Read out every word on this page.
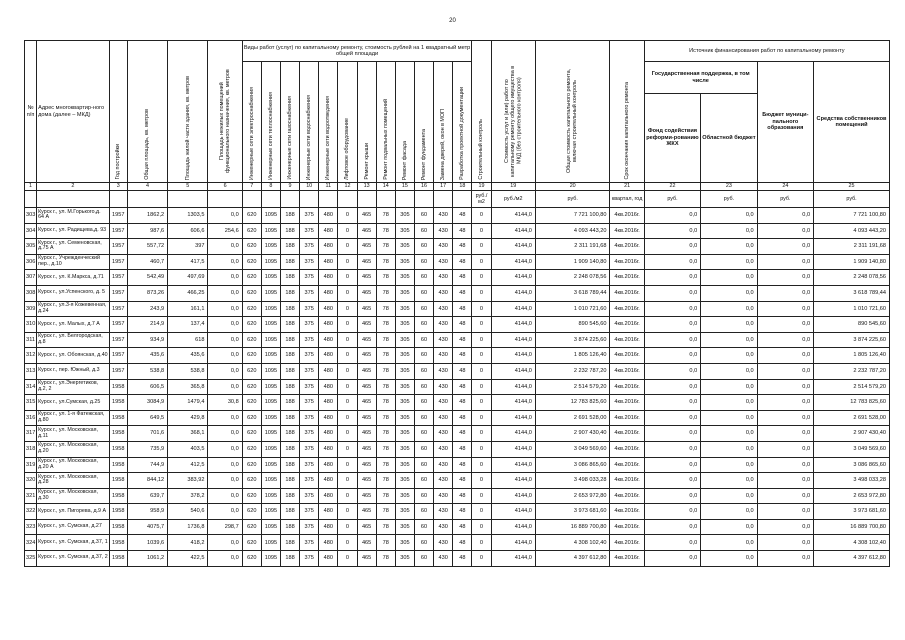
20
№ п/п	Адрес многоквартир-ного дома (далее – МКД)	Год постройки	Общая площадь, кв. метров	Площадь жилой части здания, кв. метров	Площадь нежилых помещений функционального назначения, кв. метров	Виды работ (услуг) по капитальному ремонту, стоимость рублей на 1 квадратный метр общей площади												Строительный контроль	Стоимость услуг и (или) работ по капитальному ремонту общего имущества в МКД (без строительного контроля)	Общая стоимость капитального ремонта, включая строительный контроль	Срок окончания капитального ремонта	Источник финансирования работ по капитальному ремонту			

						Инженерные сети электроснабжения	Инженерные сети теплоснабжения	Инженерные сети газоснабжения	Инженерные сети водоснабжения	Инженерные сети водоотведения	Лифтовое оборудование	Ремонт крыши	Ремонт подвальных помещений	Ремонт фасада	Ремонт фундамента	Замена дверей, окон в МОП	Разработка проектной документации					Государственная поддержка, в том числе		Бюджет муници-пального образования	Средства собственников помещений
																						Фонд содействия реформи-рованию ЖКХ	Областной бюджет		
1	2	3	4	5	6	7	8	9	10	11	12	13	14	15	16	17	18	19	19	20	21	22	23	24	25
																		руб./м2	руб./м2	руб.	квартал, год	руб.	руб.	руб.	руб.
303	Курск г., ул. М.Горького,д. 64 А	1957	1862,2	1303,5	0,0	620	1095	188	375	480	0	465	78	305	60	430	48	0	4144,0	7 721 100,80	4кв.2016г.	0,0	0,0	0,0	7 721 100,80
304	Курск г., ул. Радищева,д. 93	1957	987,6	606,6	254,6	620	1095	188	375	480	0	465	78	305	60	430	48	0	4144,0	4 093 443,20	4кв.2016г.	0,0	0,0	0,0	4 093 443,20
305	Курск г., ул. Семеновская, д.75 А	1957	557,72	397	0,0	620	1095	188	375	480	0	465	78	305	60	430	48	0	4144,0	2 311 191,68	4кв.2016г.	0,0	0,0	0,0	2 311 191,68
306	Курск г., Учрежденческий пер., д.10	1957	460,7	417,5	0,0	620	1095	188	375	480	0	465	78	305	60	430	48	0	4144,0	1 909 140,80	4кв.2016г.	0,0	0,0	0,0	1 909 140,80
307	Курск г., ул. К.Маркса, д.71	1957	542,49	497,69	0,0	620	1095	188	375	480	0	465	78	305	60	430	48	0	4144,0	2 248 078,56	4кв.2016г.	0,0	0,0	0,0	2 248 078,56
308	Курск г., ул.Успенского, д. 5	1957	873,26	466,25	0,0	620	1095	188	375	480	0	465	78	305	60	430	48	0	4144,0	3 618 789,44	4кв.2016г.	0,0	0,0	0,0	3 618 789,44
309	Курск г., ул.3-я Кожевенная, д.24	1957	243,9	161,1	0,0	620	1095	188	375	480	0	465	78	305	60	430	48	0	4144,0	1 010 721,60	4кв.2016г.	0,0	0,0	0,0	1 010 721,60
310	Курск г., ул. Малых, д.7 А	1957	214,9	137,4	0,0	620	1095	188	375	480	0	465	78	305	60	430	48	0	4144,0	890 545,60	4кв.2016г.	0,0	0,0	0,0	890 545,60
311	Курск г., ул. Белгородская, д.8	1957	934,9	618	0,0	620	1095	188	375	480	0	465	78	305	60	430	48	0	4144,0	3 874 225,60	4кв.2016г.	0,0	0,0	0,0	3 874 225,60
312	Курск г., ул. Обоянская, д.40	1957	435,6	435,6	0,0	620	1095	188	375	480	0	465	78	305	60	430	48	0	4144,0	1 805 126,40	4кв.2016г.	0,0	0,0	0,0	1 805 126,40
313	Курск г., пер. Южный, д.3	1957	538,8	538,8	0,0	620	1095	188	375	480	0	465	78	305	60	430	48	0	4144,0	2 232 787,20	4кв.2016г.	0,0	0,0	0,0	2 232 787,20
314	Курск г., ул.Энергетиков, д.2, 2	1958	606,5	365,8	0,0	620	1095	188	375	480	0	465	78	305	60	430	48	0	4144,0	2 514 579,20	4кв.2016г.	0,0	0,0	0,0	2 514 579,20
315	Курск г., ул.Сумская, д.25	1958	3084,9	1479,4	30,8	620	1095	188	375	480	0	465	78	305	60	430	48	0	4144,0	12 783 825,60	4кв.2016г.	0,0	0,0	0,0	12 783 825,60
316	Курск г., ул. 1-я Фатежская, д.80	1958	649,5	429,8	0,0	620	1095	188	375	480	0	465	78	305	60	430	48	0	4144,0	2 691 528,00	4кв.2016г.	0,0	0,0	0,0	2 691 528,00
317	Курск г., ул. Московская, д.11	1958	701,6	368,1	0,0	620	1095	188	375	480	0	465	78	305	60	430	48	0	4144,0	2 907 430,40	4кв.2016г.	0,0	0,0	0,0	2 907 430,40
318	Курск г., ул. Московская, д.20	1958	735,9	403,5	0,0	620	1095	188	375	480	0	465	78	305	60	430	48	0	4144,0	3 049 569,60	4кв.2016г.	0,0	0,0	0,0	3 049 569,60
319	Курск г., ул. Московская, д.20 А	1958	744,9	412,5	0,0	620	1095	188	375	480	0	465	78	305	60	430	48	0	4144,0	3 086 865,60	4кв.2016г.	0,0	0,0	0,0	3 086 865,60
320	Курск г., ул. Московская, д.28	1958	844,12	383,92	0,0	620	1095	188	375	480	0	465	78	305	60	430	48	0	4144,0	3 498 033,28	4кв.2016г.	0,0	0,0	0,0	3 498 033,28
321	Курск г., ул. Московская, д.30	1958	639,7	378,2	0,0	620	1095	188	375	480	0	465	78	305	60	430	48	0	4144,0	2 653 972,80	4кв.2016г.	0,0	0,0	0,0	2 653 972,80
322	Курск г., ул. Пигорева, д.9 А	1958	958,9	540,6	0,0	620	1095	188	375	480	0	465	78	305	60	430	48	0	4144,0	3 973 681,60	4кв.2016г.	0,0	0,0	0,0	3 973 681,60
323	Курск г., ул. Сумская, д.27	1958	4075,7	1736,8	298,7	620	1095	188	375	480	0	465	78	305	60	430	48	0	4144,0	16 889 700,80	4кв.2016г.	0,0	0,0	0,0	16 889 700,80
324	Курск г., ул. Сумская, д.37, 1	1958	1039,6	418,2	0,0	620	1095	188	375	480	0	465	78	305	60	430	48	0	4144,0	4 308 102,40	4кв.2016г.	0,0	0,0	0,0	4 308 102,40
325	Курск г., ул. Сумская, д.37, 2	1958	1061,2	422,5	0,0	620	1095	188	375	480	0	465	78	305	60	430	48	0	4144,0	4 397 612,80	4кв.2016г.	0,0	0,0	0,0	4 397 612,80
